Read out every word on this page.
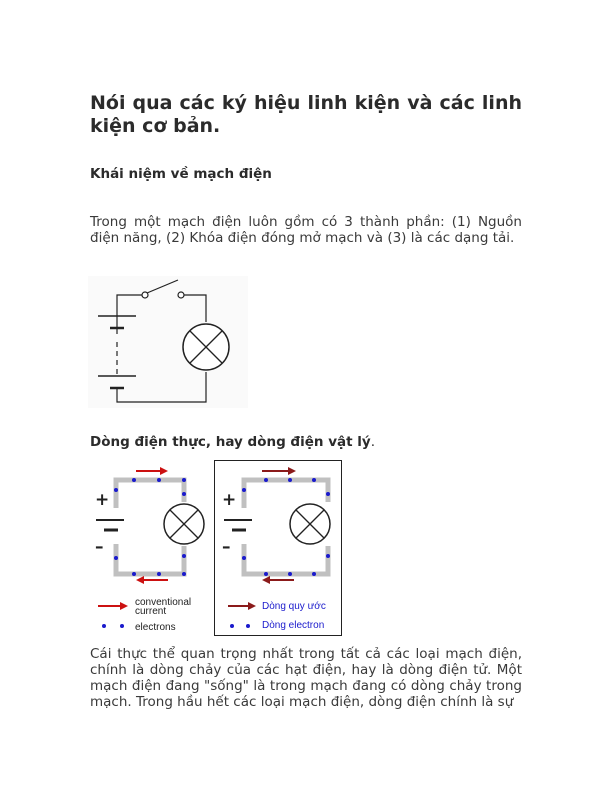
Nói qua các ký hiệu linh kiện và các linh kiện cơ bản.
Khái niệm về mạch điện

Trong một mạch điện luôn gồm có 3 thành phần: (1) Nguồn điện năng, (2) Khóa điện đóng mở mạch và (3) là các dạng tải.

Dòng điện thực, hay dòng điện vật lý.

+
–
conventional
current
electrons
+
–
Dòng quy ước
Dòng electron

Cái thực thể quan trọng nhất trong tất cả các loại mạch điện, chính là dòng chảy của các hạt điện, hay là dòng điện tử. Một mạch điện đang "sống" là trong mạch đang có dòng chảy trong mạch. Trong hầu hết các loại mạch điện, dòng điện chính là sự
